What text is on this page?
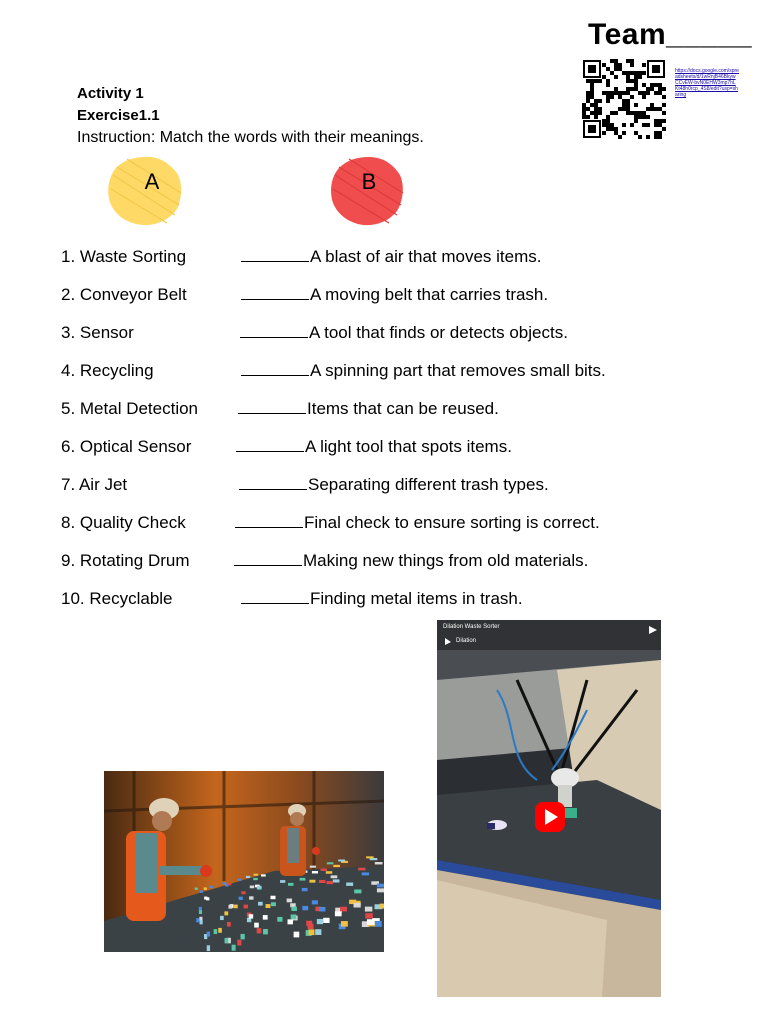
Team_____
https://docs.google.com/spreadsheets/d/1wRnjB46BkywCCvEW-bvN0EHW3mp7hL Kt48h0rcp_4S8/edit?usp=sharing
Activity 1
Exercise1.1
Instruction: Match the words with their meanings.
A	B
1. Waste Sorting	A blast of air that moves items.
2. Conveyor Belt	A moving belt that carries trash.
3. Sensor	A tool that finds or detects objects.
4. Recycling	A spinning part that removes small bits.
5. Metal Detection	Items that can be reused.
6. Optical Sensor	A light tool that spots items.
7. Air Jet	Separating different trash types.
8. Quality Check	Final check to ensure sorting is correct.
9. Rotating Drum	Making new things from old materials.
10. Recyclable	Finding metal items in trash.
Dilation Waste Sorter
Dilation
